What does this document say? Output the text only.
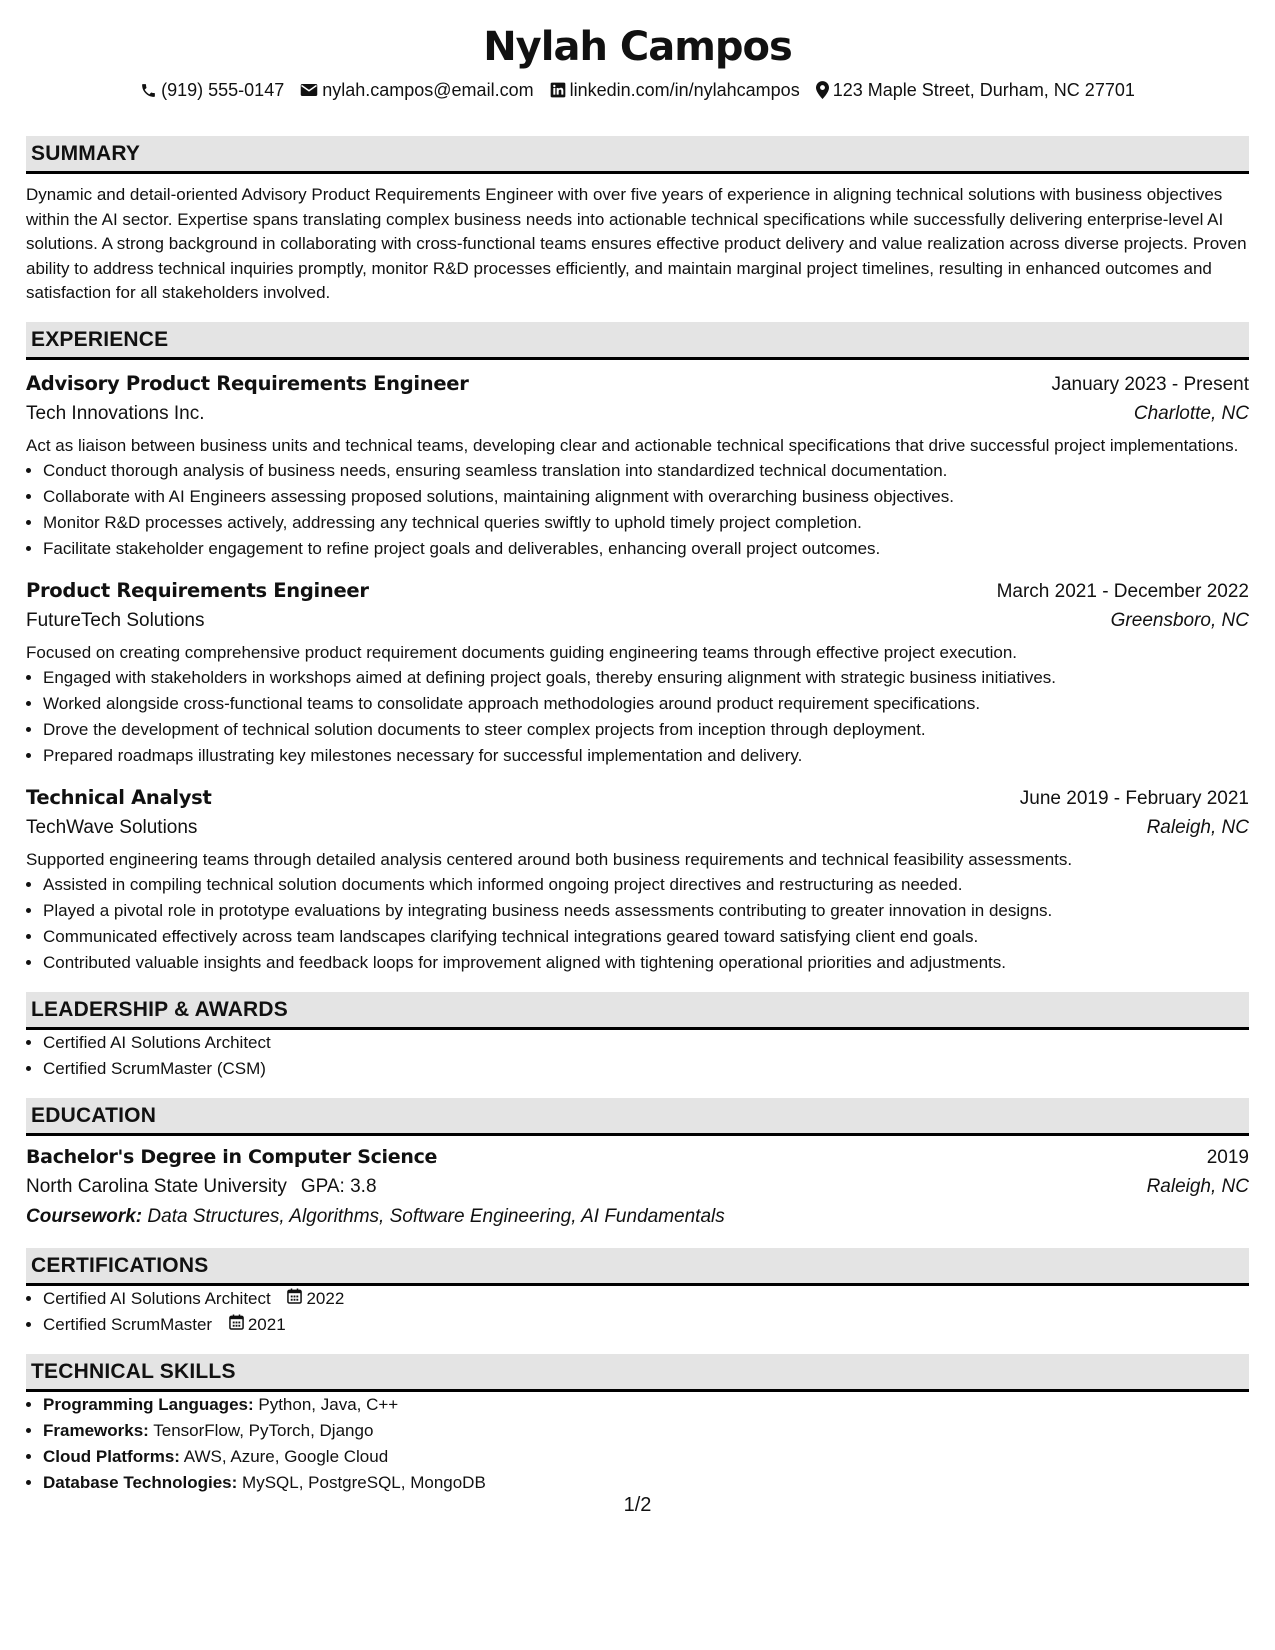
Nylah Campos
(919) 555-0147 nylah.campos@email.com linkedin.com/in/nylahcampos 123 Maple Street, Durham, NC 27701
SUMMARY
Dynamic and detail-oriented Advisory Product Requirements Engineer with over five years of experience in aligning technical solutions with business objectives within the AI sector. Expertise spans translating complex business needs into actionable technical specifications while successfully delivering enterprise-level AI solutions. A strong background in collaborating with cross-functional teams ensures effective product delivery and value realization across diverse projects. Proven ability to address technical inquiries promptly, monitor R&D processes efficiently, and maintain marginal project timelines, resulting in enhanced outcomes and satisfaction for all stakeholders involved.
EXPERIENCE
Advisory Product Requirements Engineer	January 2023 - Present
Tech Innovations Inc.	Charlotte, NC
Act as liaison between business units and technical teams, developing clear and actionable technical specifications that drive successful project implementations.
• Conduct thorough analysis of business needs, ensuring seamless translation into standardized technical documentation.
• Collaborate with AI Engineers assessing proposed solutions, maintaining alignment with overarching business objectives.
• Monitor R&D processes actively, addressing any technical queries swiftly to uphold timely project completion.
• Facilitate stakeholder engagement to refine project goals and deliverables, enhancing overall project outcomes.
Product Requirements Engineer	March 2021 - December 2022
FutureTech Solutions	Greensboro, NC
Focused on creating comprehensive product requirement documents guiding engineering teams through effective project execution.
• Engaged with stakeholders in workshops aimed at defining project goals, thereby ensuring alignment with strategic business initiatives.
• Worked alongside cross-functional teams to consolidate approach methodologies around product requirement specifications.
• Drove the development of technical solution documents to steer complex projects from inception through deployment.
• Prepared roadmaps illustrating key milestones necessary for successful implementation and delivery.
Technical Analyst	June 2019 - February 2021
TechWave Solutions	Raleigh, NC
Supported engineering teams through detailed analysis centered around both business requirements and technical feasibility assessments.
• Assisted in compiling technical solution documents which informed ongoing project directives and restructuring as needed.
• Played a pivotal role in prototype evaluations by integrating business needs assessments contributing to greater innovation in designs.
• Communicated effectively across team landscapes clarifying technical integrations geared toward satisfying client end goals.
• Contributed valuable insights and feedback loops for improvement aligned with tightening operational priorities and adjustments.
LEADERSHIP & AWARDS
• Certified AI Solutions Architect
• Certified ScrumMaster (CSM)
EDUCATION
Bachelor's Degree in Computer Science	2019
North Carolina State University GPA: 3.8	Raleigh, NC
Coursework: Data Structures, Algorithms, Software Engineering, AI Fundamentals
CERTIFICATIONS
• Certified AI Solutions Architect 2022
• Certified ScrumMaster 2021
TECHNICAL SKILLS
• Programming Languages: Python, Java, C++
• Frameworks: TensorFlow, PyTorch, Django
• Cloud Platforms: AWS, Azure, Google Cloud
• Database Technologies: MySQL, PostgreSQL, MongoDB
1/2
